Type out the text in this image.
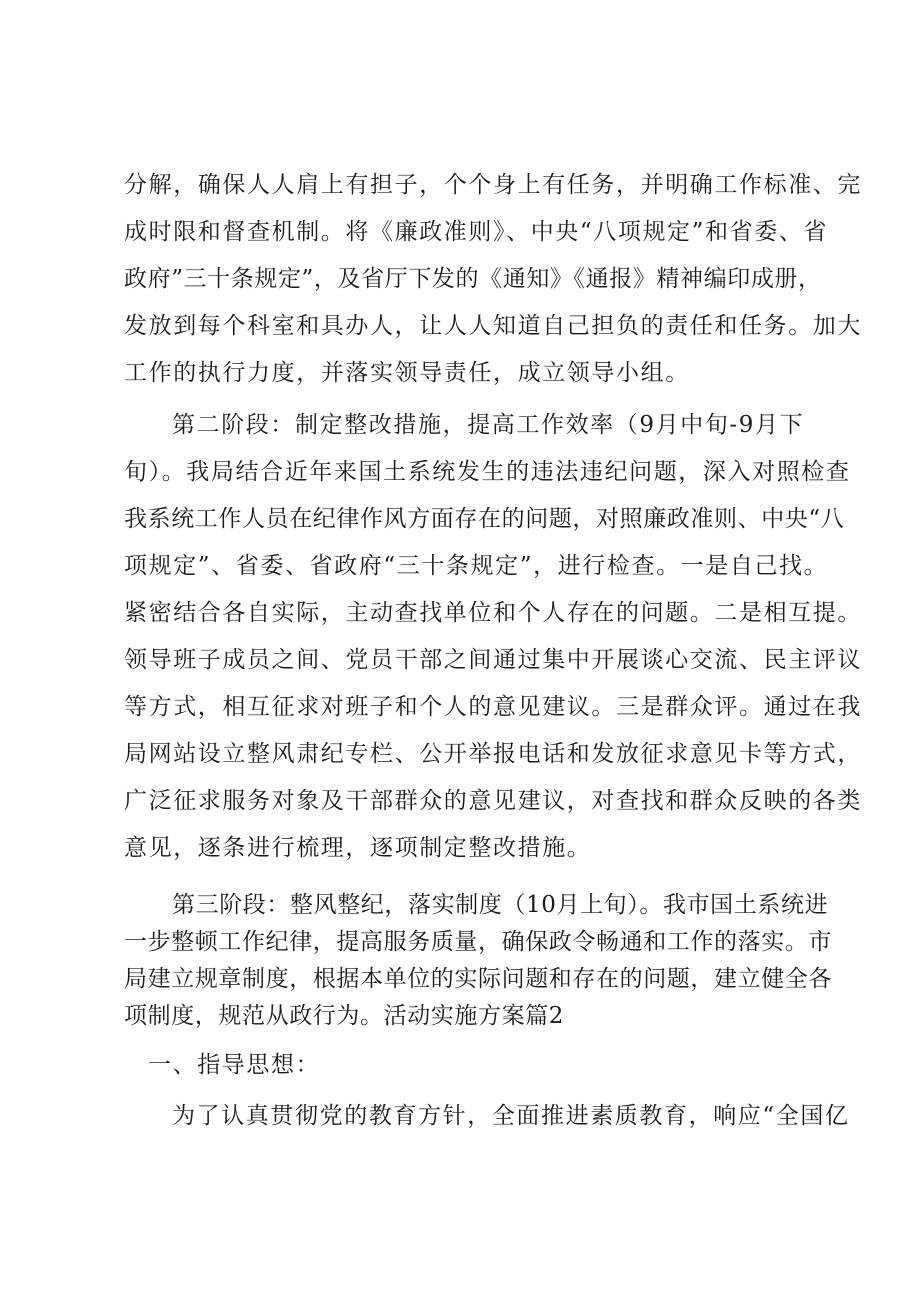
分解，确保人人肩上有担子，个个身上有任务，并明确工作标准、完
成时限和督查机制。将《廉政准则》、中央“八项规定”和省委、省
政府”三十条规定”，及省厅下发的《通知》《通报》精神编印成册，
发放到每个科室和具办人，让人人知道自己担负的责任和任务。加大
工作的执行力度，并落实领导责任，成立领导小组。
第二阶段：制定整改措施，提高工作效率（9月中旬-9月下
旬）。我局结合近年来国土系统发生的违法违纪问题，深入对照检查
我系统工作人员在纪律作风方面存在的问题，对照廉政准则、中央“八
项规定”、省委、省政府“三十条规定”，进行检查。一是自己找。
紧密结合各自实际，主动查找单位和个人存在的问题。二是相互提。
领导班子成员之间、党员干部之间通过集中开展谈心交流、民主评议
等方式，相互征求对班子和个人的意见建议。三是群众评。通过在我
局网站设立整风肃纪专栏、公开举报电话和发放征求意见卡等方式，
广泛征求服务对象及干部群众的意见建议，对查找和群众反映的各类
意见，逐条进行梳理，逐项制定整改措施。
第三阶段：整风整纪，落实制度（10月上旬）。我市国土系统进
一步整顿工作纪律，提高服务质量，确保政令畅通和工作的落实。市
局建立规章制度，根据本单位的实际问题和存在的问题，建立健全各
项制度，规范从政行为。活动实施方案篇2
一、指导思想：
为了认真贯彻党的教育方针，全面推进素质教育，响应“全国亿
